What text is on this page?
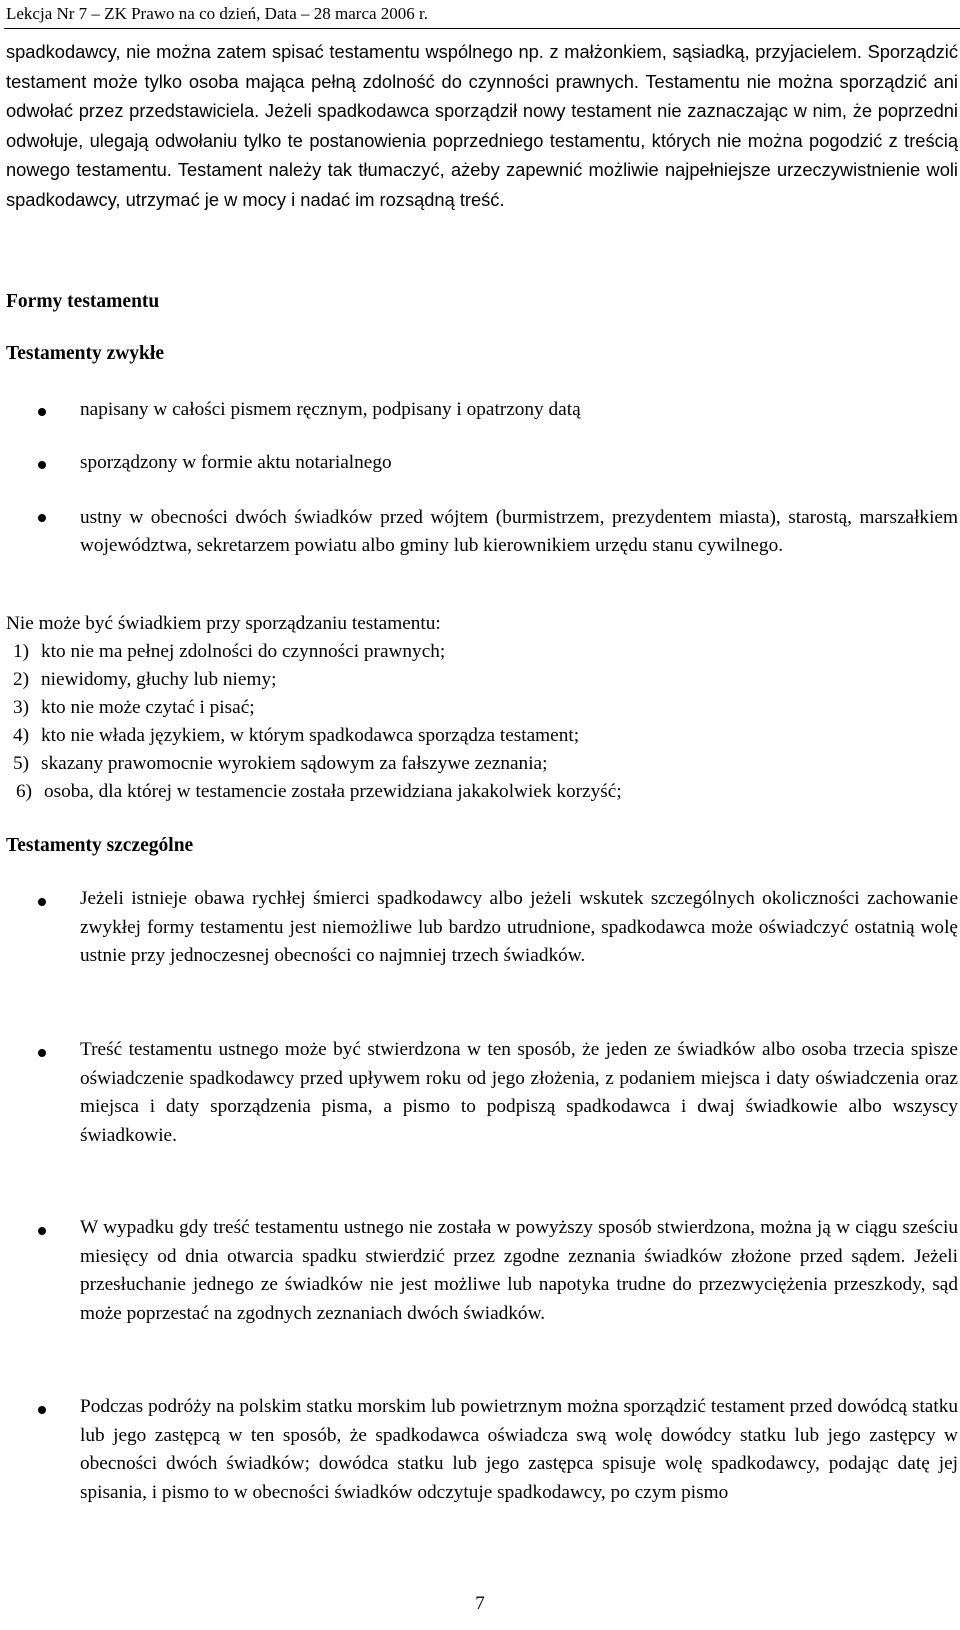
Lekcja Nr 7 – ZK Prawo na co dzień, Data – 28 marca 2006 r.

spadkodawcy, nie można zatem spisać testamentu wspólnego np. z małżonkiem, sąsiadką, przyjacielem. Sporządzić testament może tylko osoba mająca pełną zdolność do czynności prawnych. Testamentu nie można sporządzić ani odwołać przez przedstawiciela. Jeżeli spadkodawca sporządził nowy testament nie zaznaczając w nim, że poprzedni odwołuje, ulegają odwołaniu tylko te postanowienia poprzedniego testamentu, których nie można pogodzić z treścią nowego testamentu. Testament należy tak tłumaczyć, ażeby zapewnić możliwie najpełniejsze urzeczywistnienie woli spadkodawcy, utrzymać je w mocy i nadać im rozsądną treść.

Formy testamentu
Testamenty zwykłe
napisany w całości pismem ręcznym, podpisany i opatrzony datą
sporządzony w formie aktu notarialnego

ustny w obecności dwóch świadków przed wójtem (burmistrzem, prezydentem miasta), starostą, marszałkiem województwa, sekretarzem powiatu albo gminy lub kierownikiem urzędu stanu cywilnego.

Nie może być świadkiem przy sporządzaniu testamentu:
1) kto nie ma pełnej zdolności do czynności prawnych;
2) niewidomy, głuchy lub niemy;
3) kto nie może czytać i pisać;
4) kto nie włada językiem, w którym spadkodawca sporządza testament;
5) skazany prawomocnie wyrokiem sądowym za fałszywe zeznania;
6) osoba, dla której w testamencie została przewidziana jakakolwiek korzyść;
Testamenty szczególne

Jeżeli istnieje obawa rychłej śmierci spadkodawcy albo jeżeli wskutek szczególnych okoliczności zachowanie zwykłej formy testamentu jest niemożliwe lub bardzo utrudnione, spadkodawca może oświadczyć ostatnią wolę ustnie przy jednoczesnej obecności co najmniej trzech świadków.

Treść testamentu ustnego może być stwierdzona w ten sposób, że jeden ze świadków albo osoba trzecia spisze oświadczenie spadkodawcy przed upływem roku od jego złożenia, z podaniem miejsca i daty oświadczenia oraz miejsca i daty sporządzenia pisma, a pismo to podpiszą spadkodawca i dwaj świadkowie albo wszyscy świadkowie.

W wypadku gdy treść testamentu ustnego nie została w powyższy sposób stwierdzona, można ją w ciągu sześciu miesięcy od dnia otwarcia spadku stwierdzić przez zgodne zeznania świadków złożone przed sądem. Jeżeli przesłuchanie jednego ze świadków nie jest możliwe lub napotyka trudne do przezwyciężenia przeszkody, sąd może poprzestać na zgodnych zeznaniach dwóch świadków.

Podczas podróży na polskim statku morskim lub powietrznym można sporządzić testament przed dowódcą statku lub jego zastępcą w ten sposób, że spadkodawca oświadcza swą wolę dowódcy statku lub jego zastępcy w obecności dwóch świadków; dowódca statku lub jego zastępca spisuje wolę spadkodawcy, podając datę jej spisania, i pismo to w obecności świadków odczytuje spadkodawcy, po czym pismo

7
